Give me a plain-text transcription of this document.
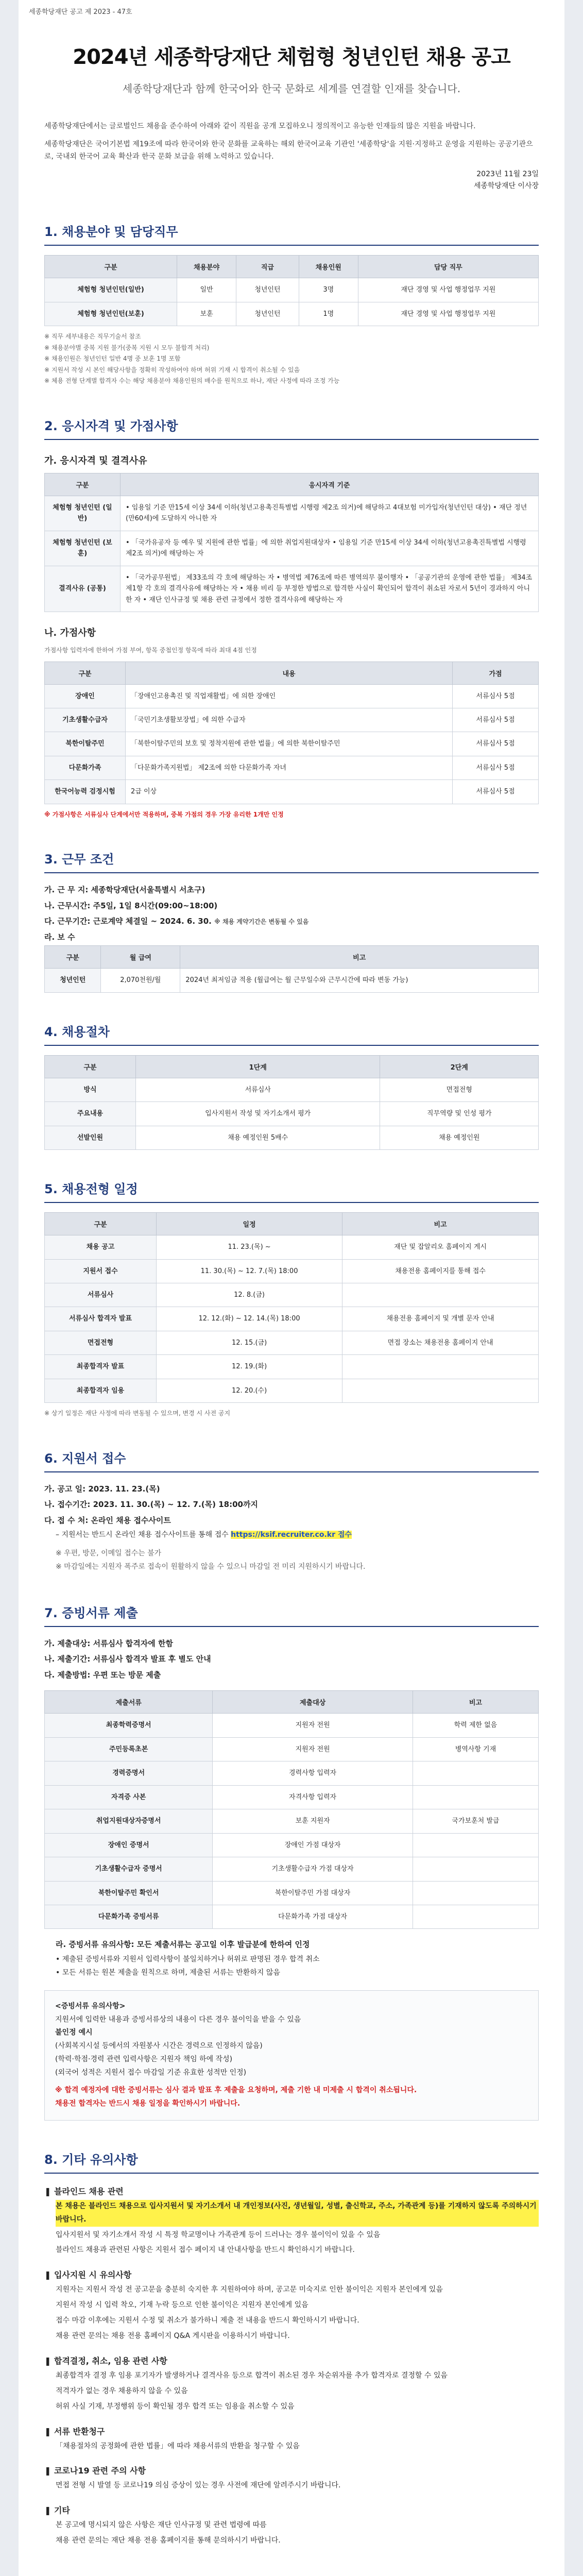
세종학당재단 공고 제 2023 - 47호
2024년 세종학당재단 체험형 청년인턴 채용 공고
세종학당재단과 함께 한국어와 한국 문화로 세계를 연결할 인재를 찾습니다.

세종학당재단에서는 글로벌인드 채용을 준수하여 아래와 같이 직원을 공개 모집하오니 정의적이고 유능한 인재들의 많은 지원을 바랍니다.

세종학당재단은 국어기본법 제19조에 따라 한국어와 한국 문화를 교육하는 해외 한국어교육 기관인 '세종학당'을 지원·지정하고 운영을 지원하는 공공기관으로, 국내외 한국어 교육 확산과 한국 문화 보급을 위해 노력하고 있습니다.

2023년 11월 23일
세종학당재단 이사장
1. 채용분야 및 담당직무
구분	채용분야	직급	채용인원	담당 직무
체험형 청년인턴(일반)	일반	청년인턴	3명	재단 경영 및 사업 행정업무 지원
체험형 청년인턴(보훈)	보훈	청년인턴	1명	재단 경영 및 사업 행정업무 지원
※ 직무 세부내용은 직무기술서 참조
※ 채용분야별 중복 지원 불가(중복 지원 시 모두 불합격 처리)
※ 채용인원은 청년인턴 일반 4명 중 보훈 1명 포함
※ 지원서 작성 시 본인 해당사항을 정확히 작성하여야 하며 허위 기재 시 합격이 취소될 수 있음
※ 체용 전형 단계별 합격자 수는 해당 채용분야 채용인원의 배수를 원칙으로 하나, 재단 사정에 따라 조정 가능
2. 응시자격 및 가점사항
가. 응시자격 및 결격사유
구분	응시자격 기준
체험형 청년인턴 (일반)	• 임용일 기준 만15세 이상 34세 이하(청년고용촉진특별법 시행령 제2조 의거)에 해당하고 4대보험 미가입자(청년인턴 대상) • 재단 정년(만60세)에 도달하지 아니한 자
체험형 청년인턴 (보훈)	• 「국가유공자 등 예우 및 지원에 관한 법률」에 의한 취업지원대상자 • 임용일 기준 만15세 이상 34세 이하(청년고용촉진특별법 시행령 제2조 의거)에 해당하는 자
결격사유 (공통)	• 「국가공무원법」 제33조의 각 호에 해당하는 자 • 병역법 제76조에 따른 병역의무 불이행자 • 「공공기관의 운영에 관한 법률」 제34조 제1항 각 호의 결격사유에 해당하는 자 • 채용 비리 등 부정한 방법으로 합격한 사실이 확인되어 합격이 취소된 자로서 5년이 경과하지 아니한 자 • 재단 인사규정 및 채용 관련 규정에서 정한 결격사유에 해당하는 자
나. 가점사항
가점사항 입력자에 한하여 가점 부여, 항목 중첩인정 항목에 따라 최대 4점 인정
구분	내용	가점
장애인	「장애인고용촉진 및 직업재활법」에 의한 장애인	서류심사 5점
기초생활수급자	「국민기초생활보장법」에 의한 수급자	서류심사 5점
북한이탈주민	「북한이탈주민의 보호 및 정착지원에 관한 법률」에 의한 북한이탈주민	서류심사 5점
다문화가족	「다문화가족지원법」 제2조에 의한 다문화가족 자녀	서류심사 5점
한국어능력 검정시험	2급 이상	서류심사 5점
※ 가점사항은 서류심사 단계에서만 적용하며, 중복 가점의 경우 가장 유리한 1개만 인정
3. 근무 조건
가. 근 무 지: 세종학당재단(서울특별시 서초구)
나. 근무시간: 주5일, 1일 8시간(09:00~18:00)
다. 근무기간: 근로계약 체결일 ~ 2024. 6. 30. ※ 채용 계약기간은 변동될 수 있음
라. 보 수
구분	월 급여	비고
청년인턴	2,070천원/월	2024년 최저임금 적용 (월급여는 월 근무일수와 근무시간에 따라 변동 가능)
4. 채용절차
구분	1단계	2단계
방식	서류심사	면접전형
주요내용	입사지원서 작성 및 자기소개서 평가	직무역량 및 인성 평가
선발인원	채용 예정인원 5배수	채용 예정인원
5. 채용전형 일정
구분	일정	비고
채용 공고	11. 23.(목) ~	재단 및 잡알리오 홈페이지 게시
지원서 접수	11. 30.(목) ~ 12. 7.(목) 18:00	채용전용 홈페이지를 통해 접수
서류심사	12. 8.(금)	
서류심사 합격자 발표	12. 12.(화) ~ 12. 14.(목) 18:00	채용전용 홈페이지 및 개별 문자 안내
면접전형	12. 15.(금)	면접 장소는 채용전용 홈페이지 안내
최종합격자 발표	12. 19.(화)	
최종합격자 임용	12. 20.(수)	
※ 상기 일정은 재단 사정에 따라 변동될 수 있으며, 변경 시 사전 공지
6. 지원서 접수
가. 공고 일: 2023. 11. 23.(목)
나. 접수기간: 2023. 11. 30.(목) ~ 12. 7.(목) 18:00까지
다. 접 수 처: 온라인 채용 접수사이트
– 지원서는 반드시 온라인 채용 접수사이트를 통해 접수 https://ksif.recruiter.co.kr 접수
※ 우편, 방문, 이메일 접수는 불가
※ 마감일에는 지원자 폭주로 접속이 원활하지 않을 수 있으니 마감일 전 미리 지원하시기 바랍니다.
7. 증빙서류 제출
가. 제출대상: 서류심사 합격자에 한함
나. 제출기간: 서류심사 합격자 발표 후 별도 안내
다. 제출방법: 우편 또는 방문 제출
제출서류	제출대상	비고
최종학력증명서	지원자 전원	학력 제한 없음
주민등록초본	지원자 전원	병역사항 기재
경력증명서	경력사항 입력자	
자격증 사본	자격사항 입력자	
취업지원대상자증명서	보훈 지원자	국가보훈처 발급
장애인 증명서	장애인 가점 대상자	
기초생활수급자 증명서	기초생활수급자 가점 대상자	
북한이탈주민 확인서	북한이탈주민 가점 대상자	
다문화가족 증빙서류	다문화가족 가점 대상자	
라. 증빙서류 유의사항: 모든 제출서류는 공고일 이후 발급분에 한하여 인정
• 제출된 증빙서류와 지원서 입력사항이 불일치하거나 허위로 판명된 경우 합격 취소
• 모든 서류는 원본 제출을 원칙으로 하며, 제출된 서류는 반환하지 않음
<증빙서류 유의사항>
지원서에 입력한 내용과 증빙서류상의 내용이 다른 경우 불이익을 받을 수 있음
불인정 예시
(사회복지시설 등에서의 자원봉사 시간은 경력으로 인정하지 않음)
(학력·학점·경력 관련 입력사항은 지원자 책임 하에 작성)
(외국어 성적은 지원서 접수 마감일 기준 유효한 성적만 인정)
※ 합격 예정자에 대한 증빙서류는 심사 결과 발표 후 제출을 요청하며, 제출 기한 내 미제출 시 합격이 취소됩니다.
채용전 합격자는 반드시 채용 일정을 확인하시기 바랍니다.
8. 기타 유의사항
❚ 블라인드 채용 관련
본 채용은 블라인드 채용으로 입사지원서 및 자기소개서 내 개인정보(사진, 생년월일, 성별, 출신학교, 주소, 가족관계 등)를 기재하지 않도록 주의하시기 바랍니다.
입사지원서 및 자기소개서 작성 시 특정 학교명이나 가족관계 등이 드러나는 경우 불이익이 있을 수 있음
블라인드 채용과 관련된 사항은 지원서 접수 페이지 내 안내사항을 반드시 확인하시기 바랍니다.
❚ 입사지원 시 유의사항
지원자는 지원서 작성 전 공고문을 충분히 숙지한 후 지원하여야 하며, 공고문 미숙지로 인한 불이익은 지원자 본인에게 있음
지원서 작성 시 입력 착오, 기재 누락 등으로 인한 불이익은 지원자 본인에게 있음
접수 마감 이후에는 지원서 수정 및 취소가 불가하니 제출 전 내용을 반드시 확인하시기 바랍니다.
채용 관련 문의는 채용 전용 홈페이지 Q&A 게시판을 이용하시기 바랍니다.
❚ 합격결정, 취소, 임용 관련 사항
최종합격자 결정 후 임용 포기자가 발생하거나 결격사유 등으로 합격이 취소된 경우 차순위자를 추가 합격자로 결정할 수 있음
적격자가 없는 경우 채용하지 않을 수 있음
허위 사실 기재, 부정행위 등이 확인될 경우 합격 또는 임용을 취소할 수 있음
❚ 서류 반환청구
「채용절차의 공정화에 관한 법률」에 따라 채용서류의 반환을 청구할 수 있음
❚ 코로나19 관련 주의 사항
면접 전형 시 발열 등 코로나19 의심 증상이 있는 경우 사전에 재단에 알려주시기 바랍니다.
❚ 기타
본 공고에 명시되지 않은 사항은 재단 인사규정 및 관련 법령에 따름
채용 관련 문의는 재단 채용 전용 홈페이지를 통해 문의하시기 바랍니다.
